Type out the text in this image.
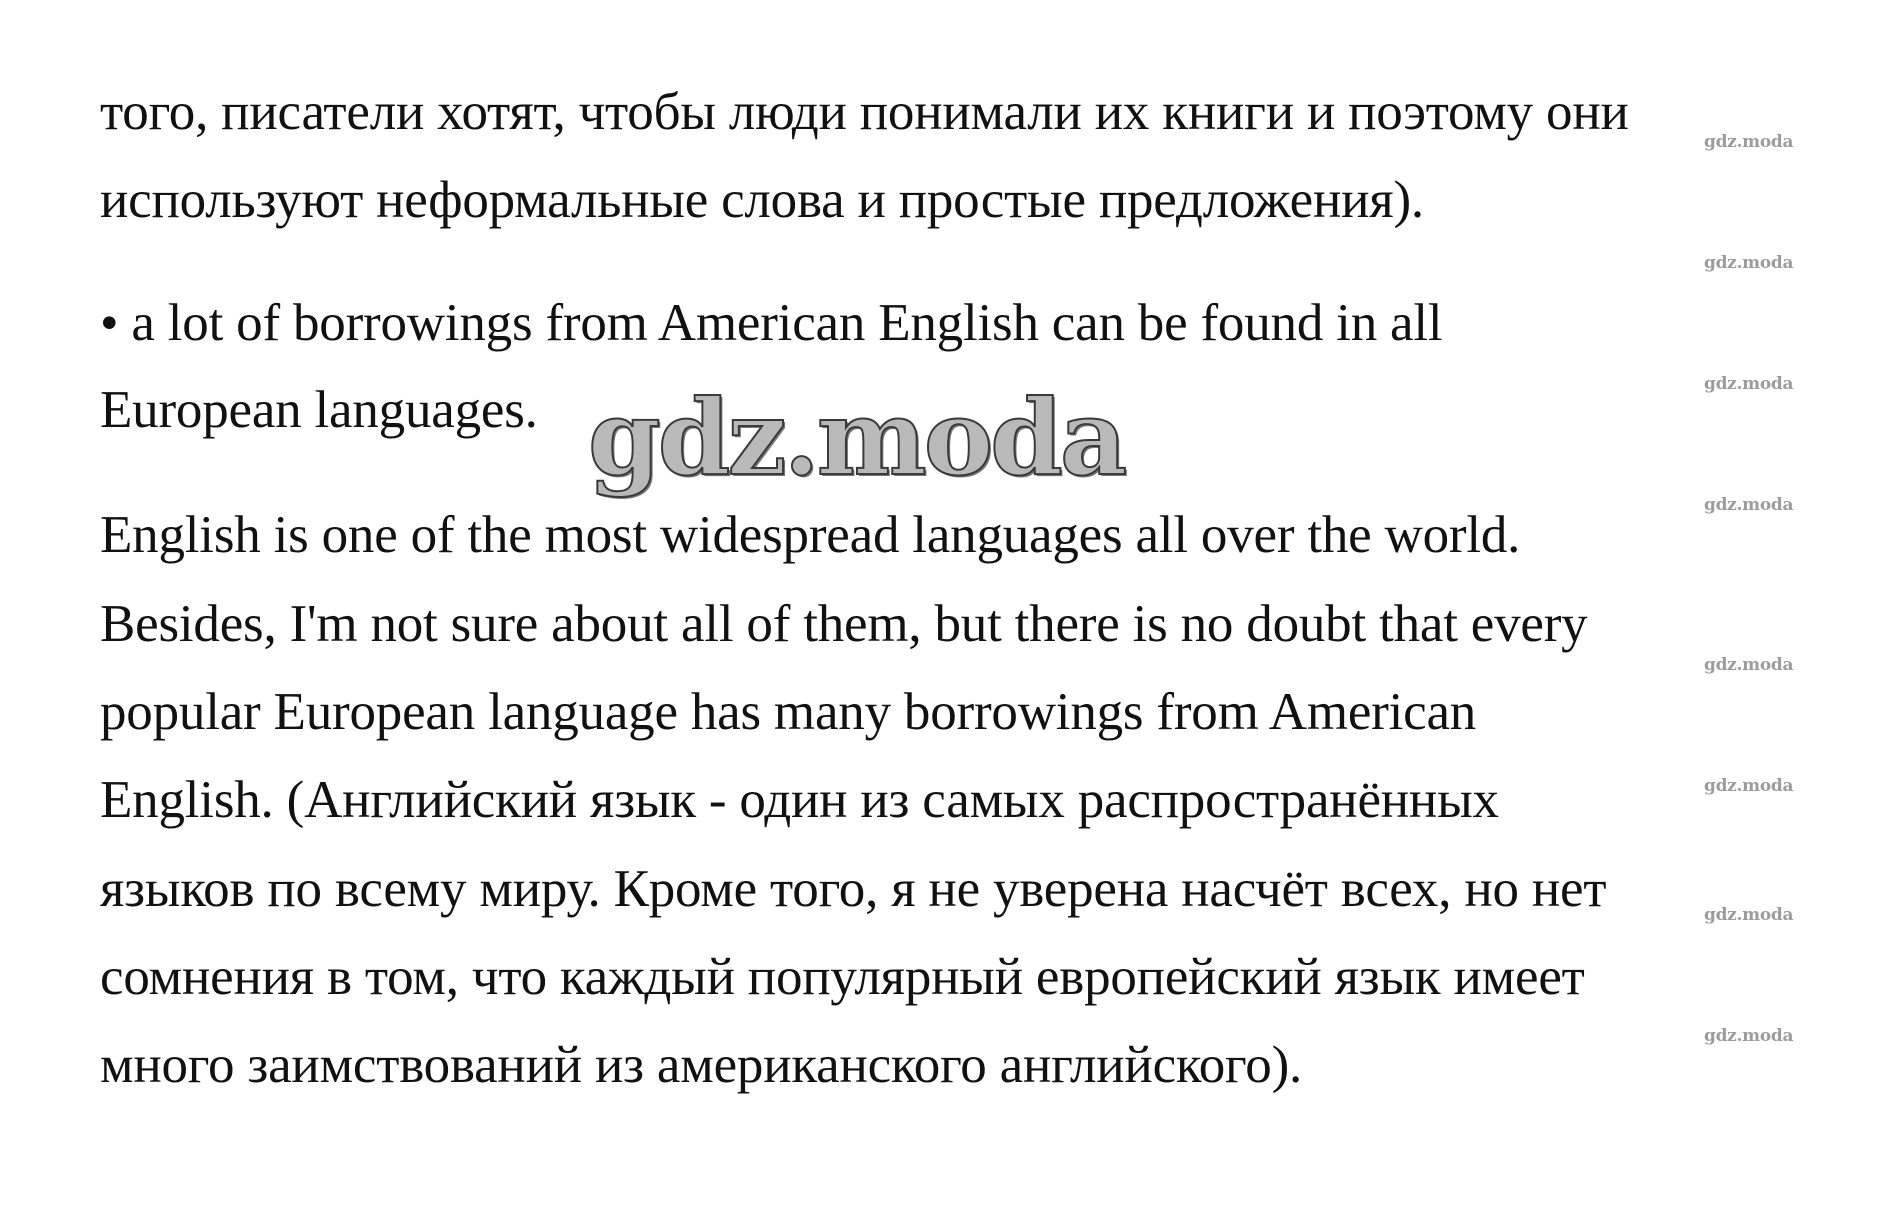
того, писатели хотят, чтобы люди понимали их книги и поэтому они
используют неформальные слова и простые предложения).
• a lot of borrowings from American English can be found in all
European languages.
English is one of the most widespread languages all over the world.
Besides, I'm not sure about all of them, but there is no doubt that every
popular European language has many borrowings from American
English. (Английский язык - один из самых распространённых
языков по всему миру. Кроме того, я не уверена насчёт всех, но нет
сомнения в том, что каждый популярный европейский язык имеет
много заимствований из американского английского).
gdz.moda
gdz.moda
gdz.moda
gdz.moda
gdz.moda
gdz.moda
gdz.moda
gdz.moda
gdz.moda
